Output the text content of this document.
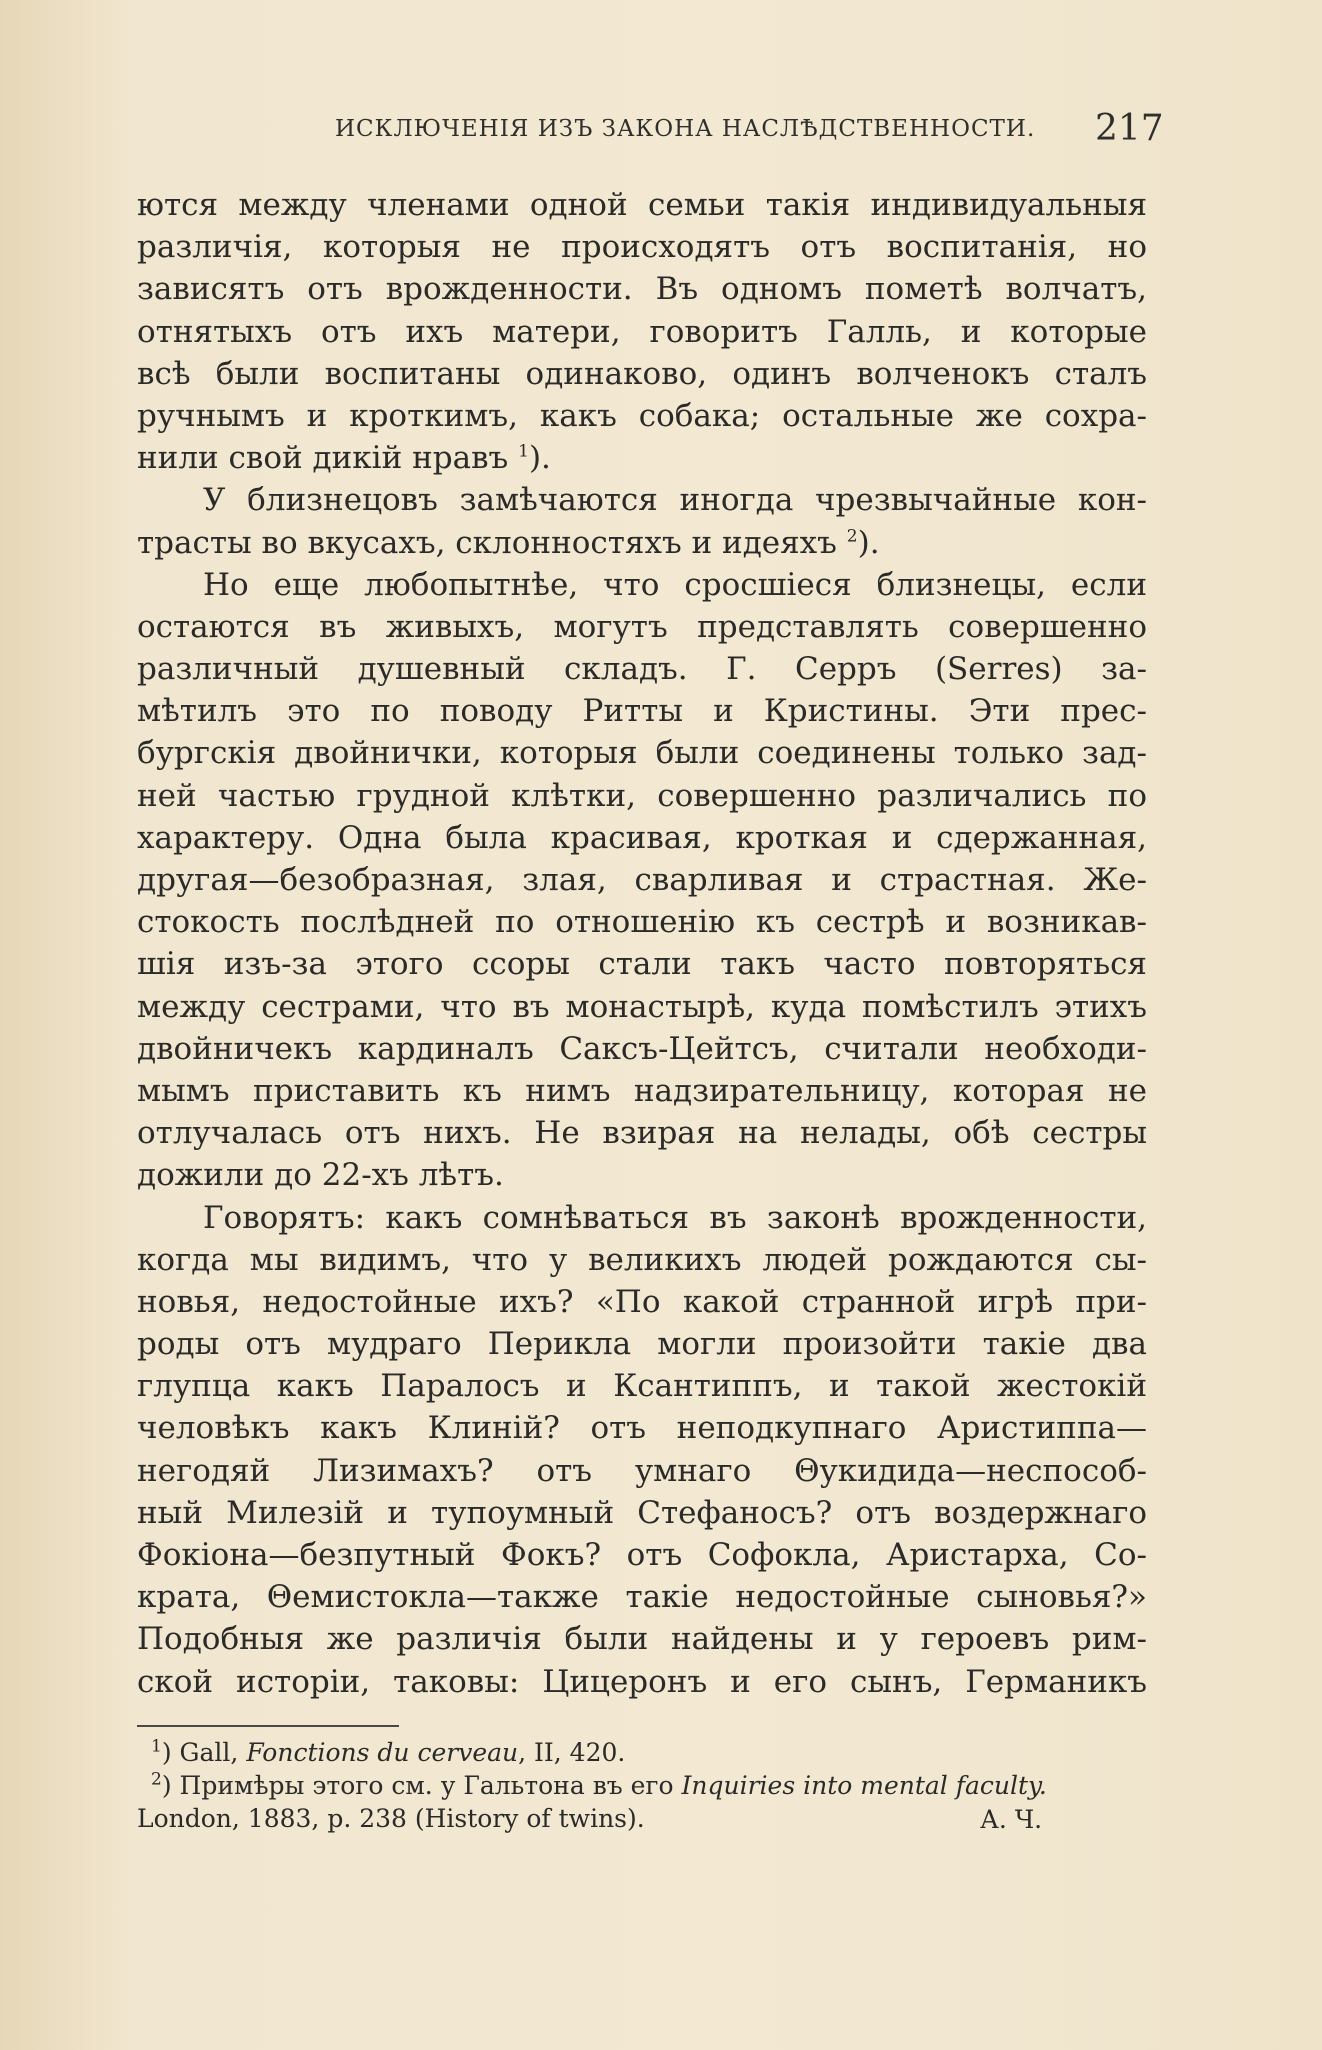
ИСКЛЮЧЕНІЯ ИЗЪ ЗАКОНА НАСЛѢДСТВЕННОСТИ. 217
ются между членами одной семьи такія индивидуальныя
различія, которыя не происходятъ отъ воспитанія, но
зависятъ отъ врожденности. Въ одномъ пометѣ волчатъ,
отнятыхъ отъ ихъ матери, говоритъ Галль, и которые
всѣ были воспитаны одинаково, одинъ волченокъ сталъ
ручнымъ и кроткимъ, какъ собака; остальные же сохра-
нили свой дикій нравъ $^1$).
У близнецовъ замѣчаются иногда чрезвычайные кон-
трасты во вкусахъ, склонностяхъ и идеяхъ $^2$).
Но еще любопытнѣе, что сросшіеся близнецы, если
остаются въ живыхъ, могутъ представлять совершенно
различный душевный складъ. Г. Серръ (Serres) за-
мѣтилъ это по поводу Ритты и Кристины. Эти прес-
бургскія двойнички, которыя были соединены только зад-
ней частью грудной клѣтки, совершенно различались по
характеру. Одна была красивая, кроткая и сдержанная,
другая—безобразная, злая, сварливая и страстная. Же-
стокость послѣдней по отношенію къ сестрѣ и возникав-
шія изъ-за этого ссоры стали такъ часто повторяться
между сестрами, что въ монастырѣ, куда помѣстилъ этихъ
двойничекъ кардиналъ Саксъ-Цейтсъ, считали необходи-
мымъ приставить къ нимъ надзирательницу, которая не
отлучалась отъ нихъ. Не взирая на нелады, обѣ сестры
дожили до 22-хъ лѣтъ.
Говорятъ: какъ сомнѣваться въ законѣ врожденности,
когда мы видимъ, что у великихъ людей рождаются сы-
новья, недостойные ихъ? «По какой странной игрѣ при-
роды отъ мудраго Перикла могли произойти такіе два
глупца какъ Паралосъ и Ксантиппъ, и такой жестокій
человѣкъ какъ Клиній? отъ неподкупнаго Аристиппа—
негодяй Лизимахъ? отъ умнаго Θукидида—неспособ-
ный Милезій и тупоумный Стефаносъ? отъ воздержнаго
Фокіона—безпутный Фокъ? отъ Софокла, Аристарха, Со-
крата, Θемистокла—также такіе недостойные сыновья?»
Подобныя же различія были найдены и у героевъ рим-
ской исторіи, таковы: Цицеронъ и его сынъ, Германикъ
$^1$) Gall, Fonctions du cerveau, II, 420.
$^2$) Примѣры этого см. у Гальтона въ его Inquiries into mental faculty.
London, 1883, p. 238 (History of twins).	А. Ч.
